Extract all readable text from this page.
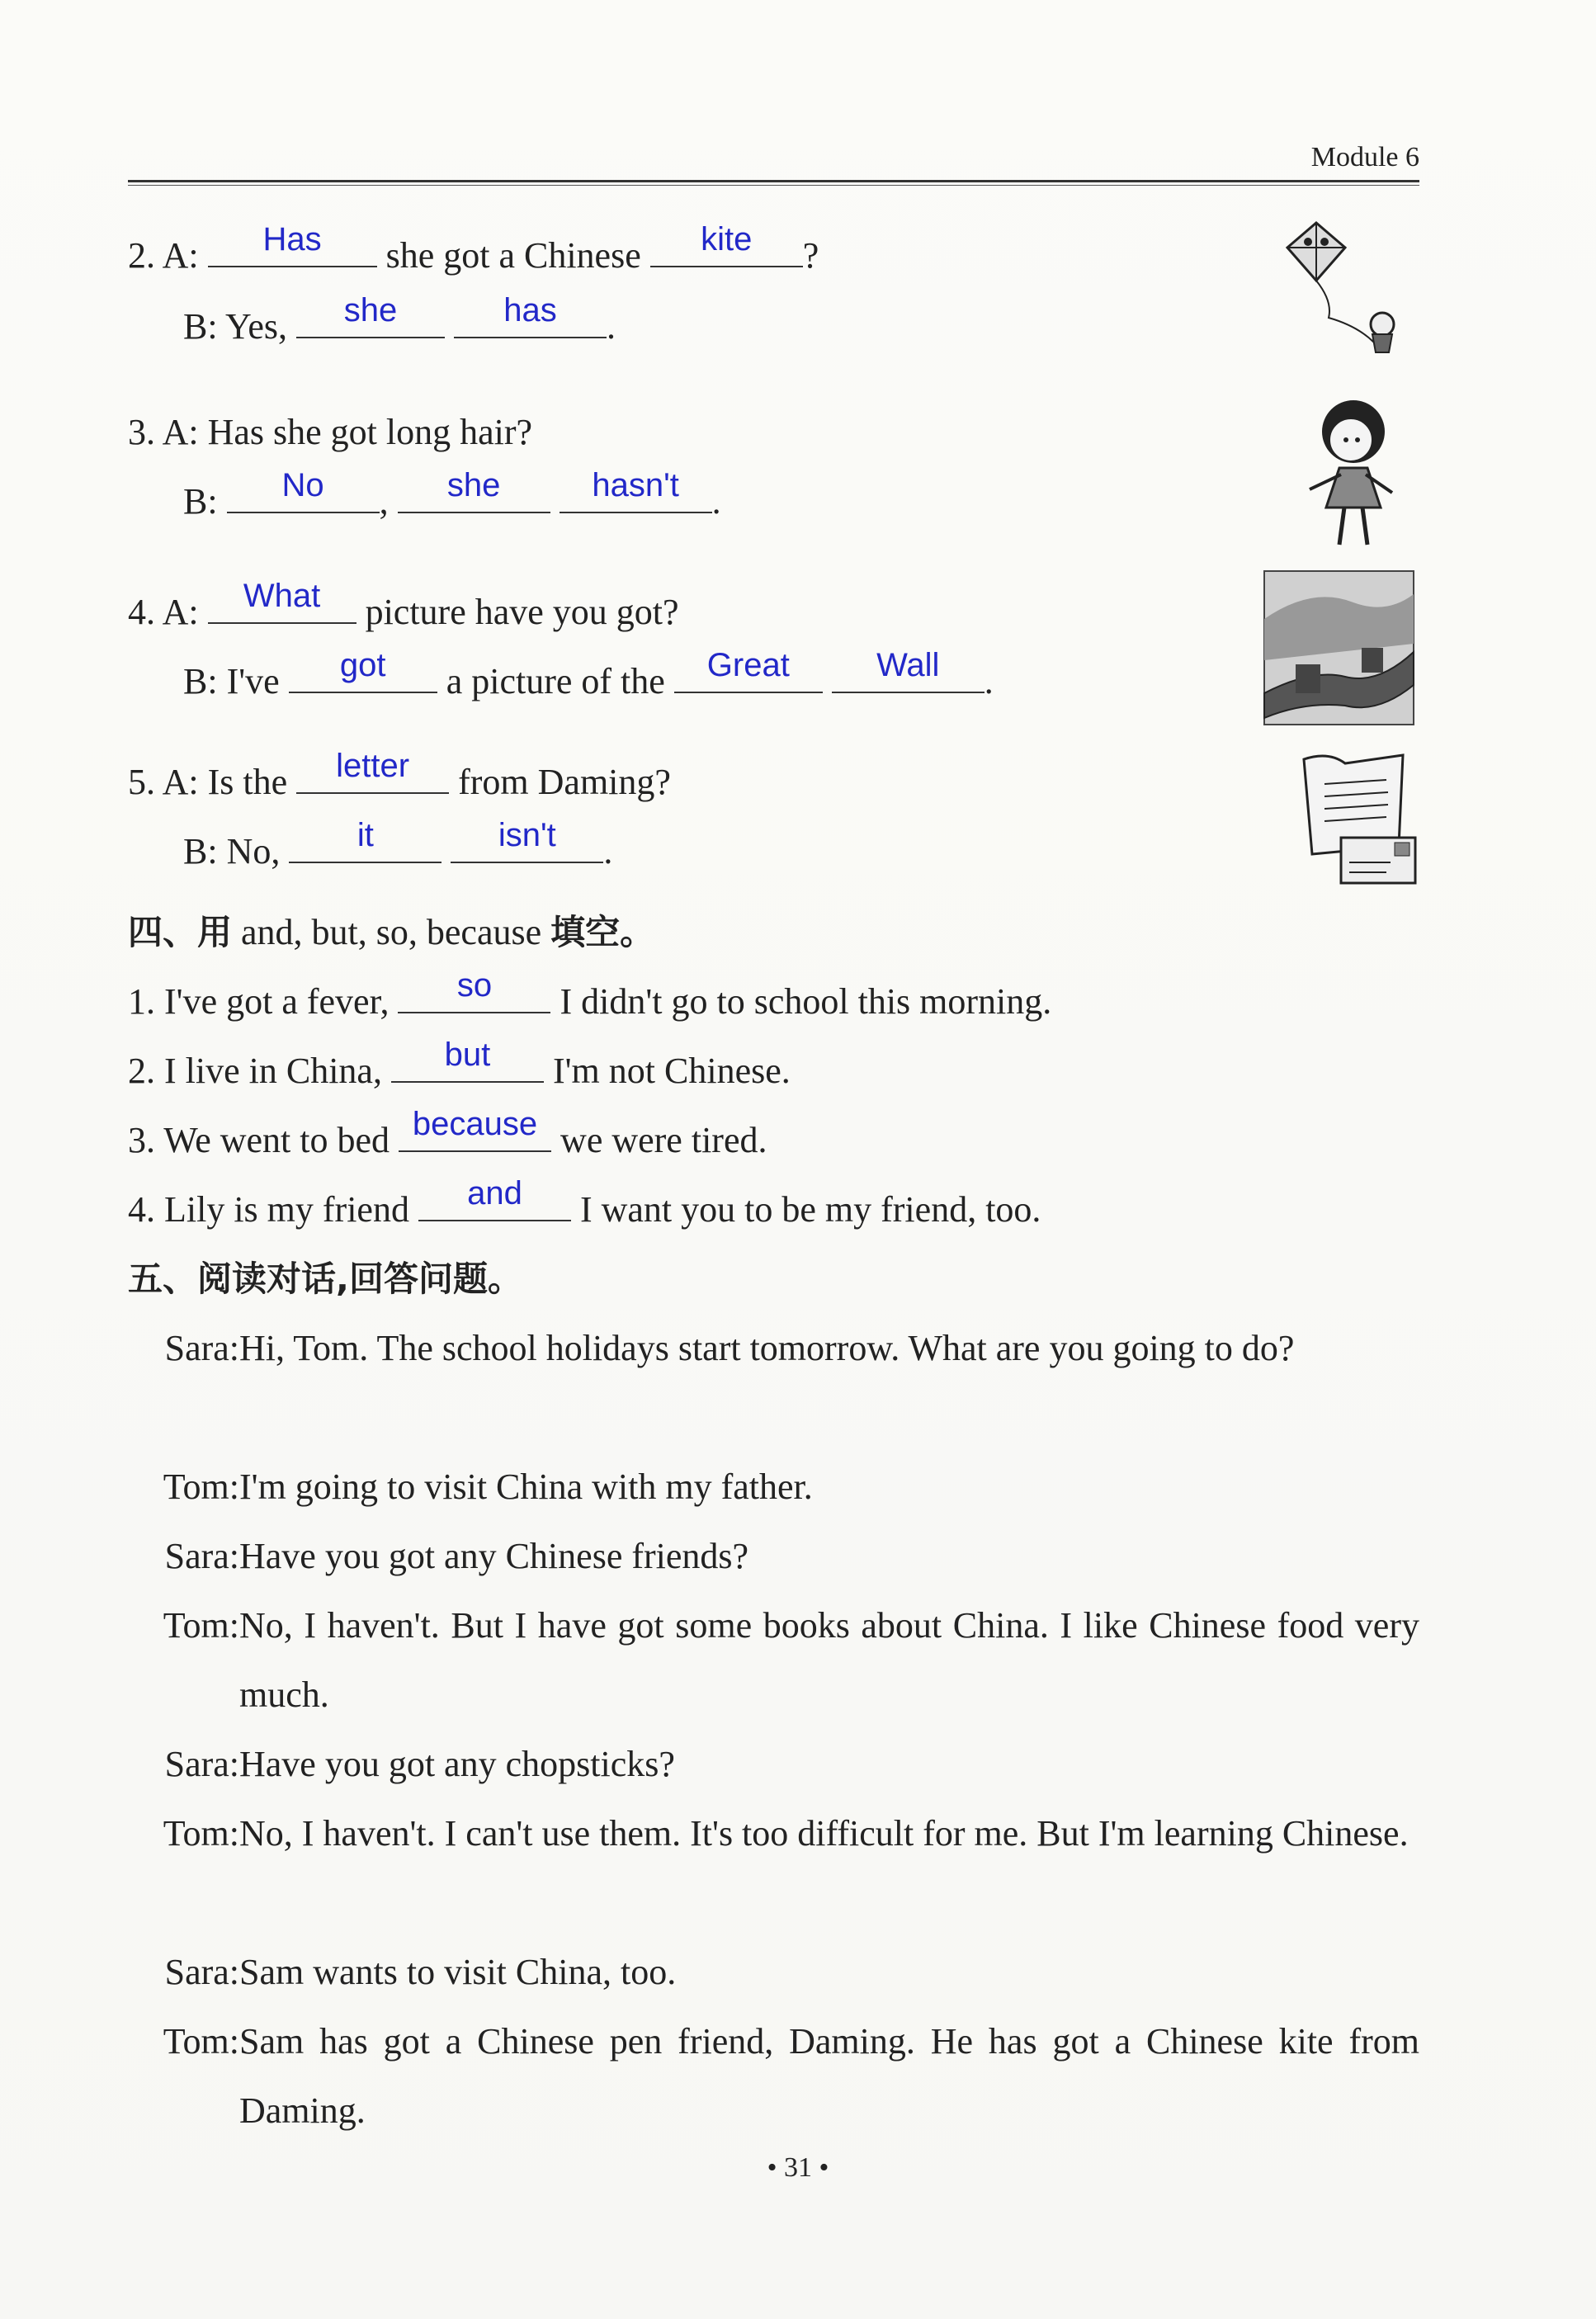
Module 6
2. A:	Has	she got a Chinese	kite	?
B: Yes,	she
	has	.
3. A: Has she got long hair?
B:	No	,	she
	hasn't .
4. A:	What	picture have you got?
B: I've	got	a picture of the	Great
	Wall	.
5. A: Is the	letter	from Daming?
B: No,	it
	isn't	.
四、用 and, but, so, because 填空。
1. I've got a fever,	so	I didn't go to school this morning.
2. I live in China,	but	I'm not Chinese.
3. We went to bed because we were tired.
4. Lily is my friend	and	I want you to be my friend, too.
五、阅读对话,回答问题。
Sara: Hi, Tom. The school holidays start tomorrow. What are you going to do?
Tom: I'm going to visit China with my father.
Sara: Have you got any Chinese friends?
Tom: No, I haven't. But I have got some books about China. I like Chinese food very much.
Sara: Have you got any chopsticks?
Tom: No, I haven't. I can't use them. It's too difficult for me. But I'm learning Chinese.
Sara: Sam wants to visit China, too.
Tom: Sam has got a Chinese pen friend, Daming. He has got a Chinese kite from Daming.
• 31 •
